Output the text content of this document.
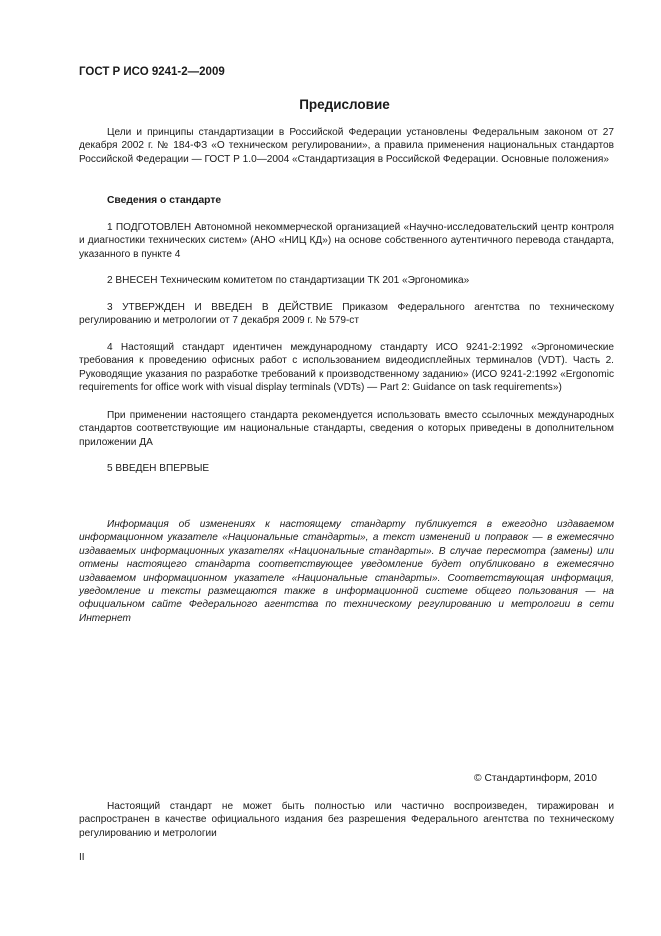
ГОСТ Р ИСО 9241-2—2009
Предисловие

Цели и принципы стандартизации в Российской Федерации установлены Федеральным законом от 27 декабря 2002 г. № 184-ФЗ «О техническом регулировании», а правила применения национальных стандартов Российской Федерации — ГОСТ Р 1.0—2004 «Стандартизация в Российской Федерации. Основные положения»

Сведения о стандарте

1 ПОДГОТОВЛЕН Автономной некоммерческой организацией «Научно-исследовательский центр контроля и диагностики технических систем» (АНО «НИЦ КД») на основе собственного аутентичного перевода стандарта, указанного в пункте 4

2 ВНЕСЕН Техническим комитетом по стандартизации ТК 201 «Эргономика»

3 УТВЕРЖДЕН И ВВЕДЕН В ДЕЙСТВИЕ Приказом Федерального агентства по техническому регулированию и метрологии от 7 декабря 2009 г. № 579-ст

4 Настоящий стандарт идентичен международному стандарту ИСО 9241-2:1992 «Эргономические требования к проведению офисных работ с использованием видеодисплейных терминалов (VDT). Часть 2. Руководящие указания по разработке требований к производственному заданию» (ИСО 9241-2:1992 «Ergonomic requirements for office work with visual display terminals (VDTs) — Part 2: Guidance on task requirements»)

При применении настоящего стандарта рекомендуется использовать вместо ссылочных международных стандартов соответствующие им национальные стандарты, сведения о которых приведены в дополнительном приложении ДА

5 ВВЕДЕН ВПЕРВЫЕ

Информация об изменениях к настоящему стандарту публикуется в ежегодно издаваемом информационном указателе «Национальные стандарты», а текст изменений и поправок — в ежемесячно издаваемых информационных указателях «Национальные стандарты». В случае пересмотра (замены) или отмены настоящего стандарта соответствующее уведомление будет опубликовано в ежемесячно издаваемом информационном указателе «Национальные стандарты». Соответствующая информация, уведомление и тексты размещаются также в информационной системе общего пользования — на официальном сайте Федерального агентства по техническому регулированию и метрологии в сети Интернет

© Стандартинформ, 2010

Настоящий стандарт не может быть полностью или частично воспроизведен, тиражирован и распространен в качестве официального издания без разрешения Федерального агентства по техническому регулированию и метрологии

II
